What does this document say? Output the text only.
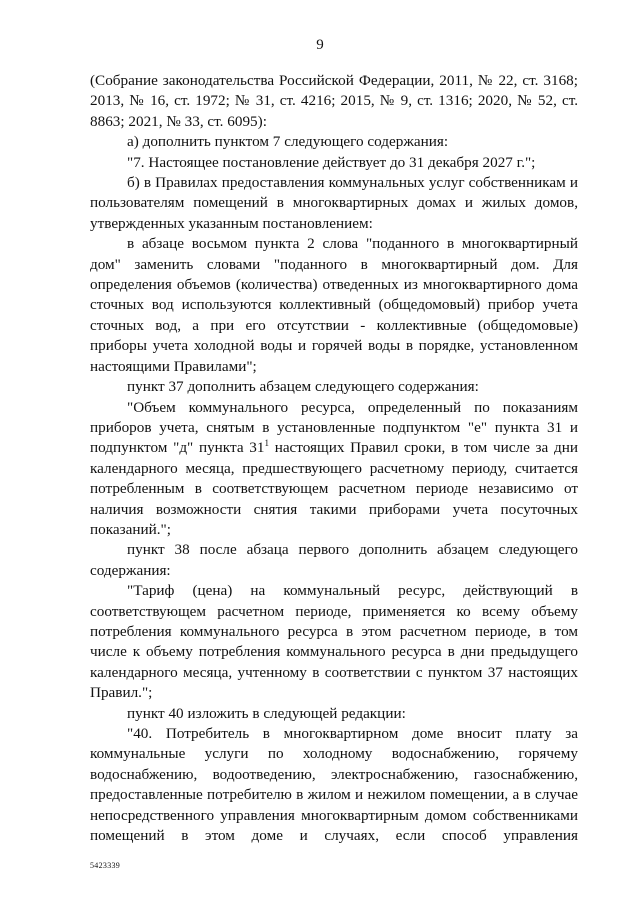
9

(Собрание законодательства Российской Федерации, 2011, № 22, ст. 3168; 2013, № 16, ст. 1972; № 31, ст. 4216; 2015, № 9, ст. 1316; 2020, № 52, ст. 8863; 2021, № 33, ст. 6095):

а) дополнить пунктом 7 следующего содержания:

"7. Настоящее постановление действует до 31 декабря 2027 г.";

б) в Правилах предоставления коммунальных услуг собственникам и пользователям помещений в многоквартирных домах и жилых домов, утвержденных указанным постановлением:

в абзаце восьмом пункта 2 слова "поданного в многоквартирный дом" заменить словами "поданного в многоквартирный дом. Для определения объемов (количества) отведенных из многоквартирного дома сточных вод используются коллективный (общедомовый) прибор учета сточных вод, а при его отсутствии - коллективные (общедомовые) приборы учета холодной воды и горячей воды в порядке, установленном настоящими Правилами";

пункт 37 дополнить абзацем следующего содержания:

"Объем коммунального ресурса, определенный по показаниям приборов учета, снятым в установленные подпунктом "е" пункта 31 и подпунктом "д" пункта $31^1$ настоящих Правил сроки, в том числе за дни календарного месяца, предшествующего расчетному периоду, считается потребленным в соответствующем расчетном периоде независимо от наличия возможности снятия такими приборами учета посуточных показаний.";

пункт 38 после абзаца первого дополнить абзацем следующего содержания:

"Тариф (цена) на коммунальный ресурс, действующий в соответствующем расчетном периоде, применяется ко всему объему потребления коммунального ресурса в этом расчетном периоде, в том числе к объему потребления коммунального ресурса в дни предыдущего календарного месяца, учтенному в соответствии с пунктом 37 настоящих Правил.";

пункт 40 изложить в следующей редакции:

"40. Потребитель в многоквартирном доме вносит плату за коммунальные услуги по холодному водоснабжению, горячему водоснабжению, водоотведению, электроснабжению, газоснабжению, предоставленные потребителю в жилом и нежилом помещении, а в случае непосредственного управления многоквартирным домом собственниками помещений в этом доме и случаях, если способ управления

5423339
